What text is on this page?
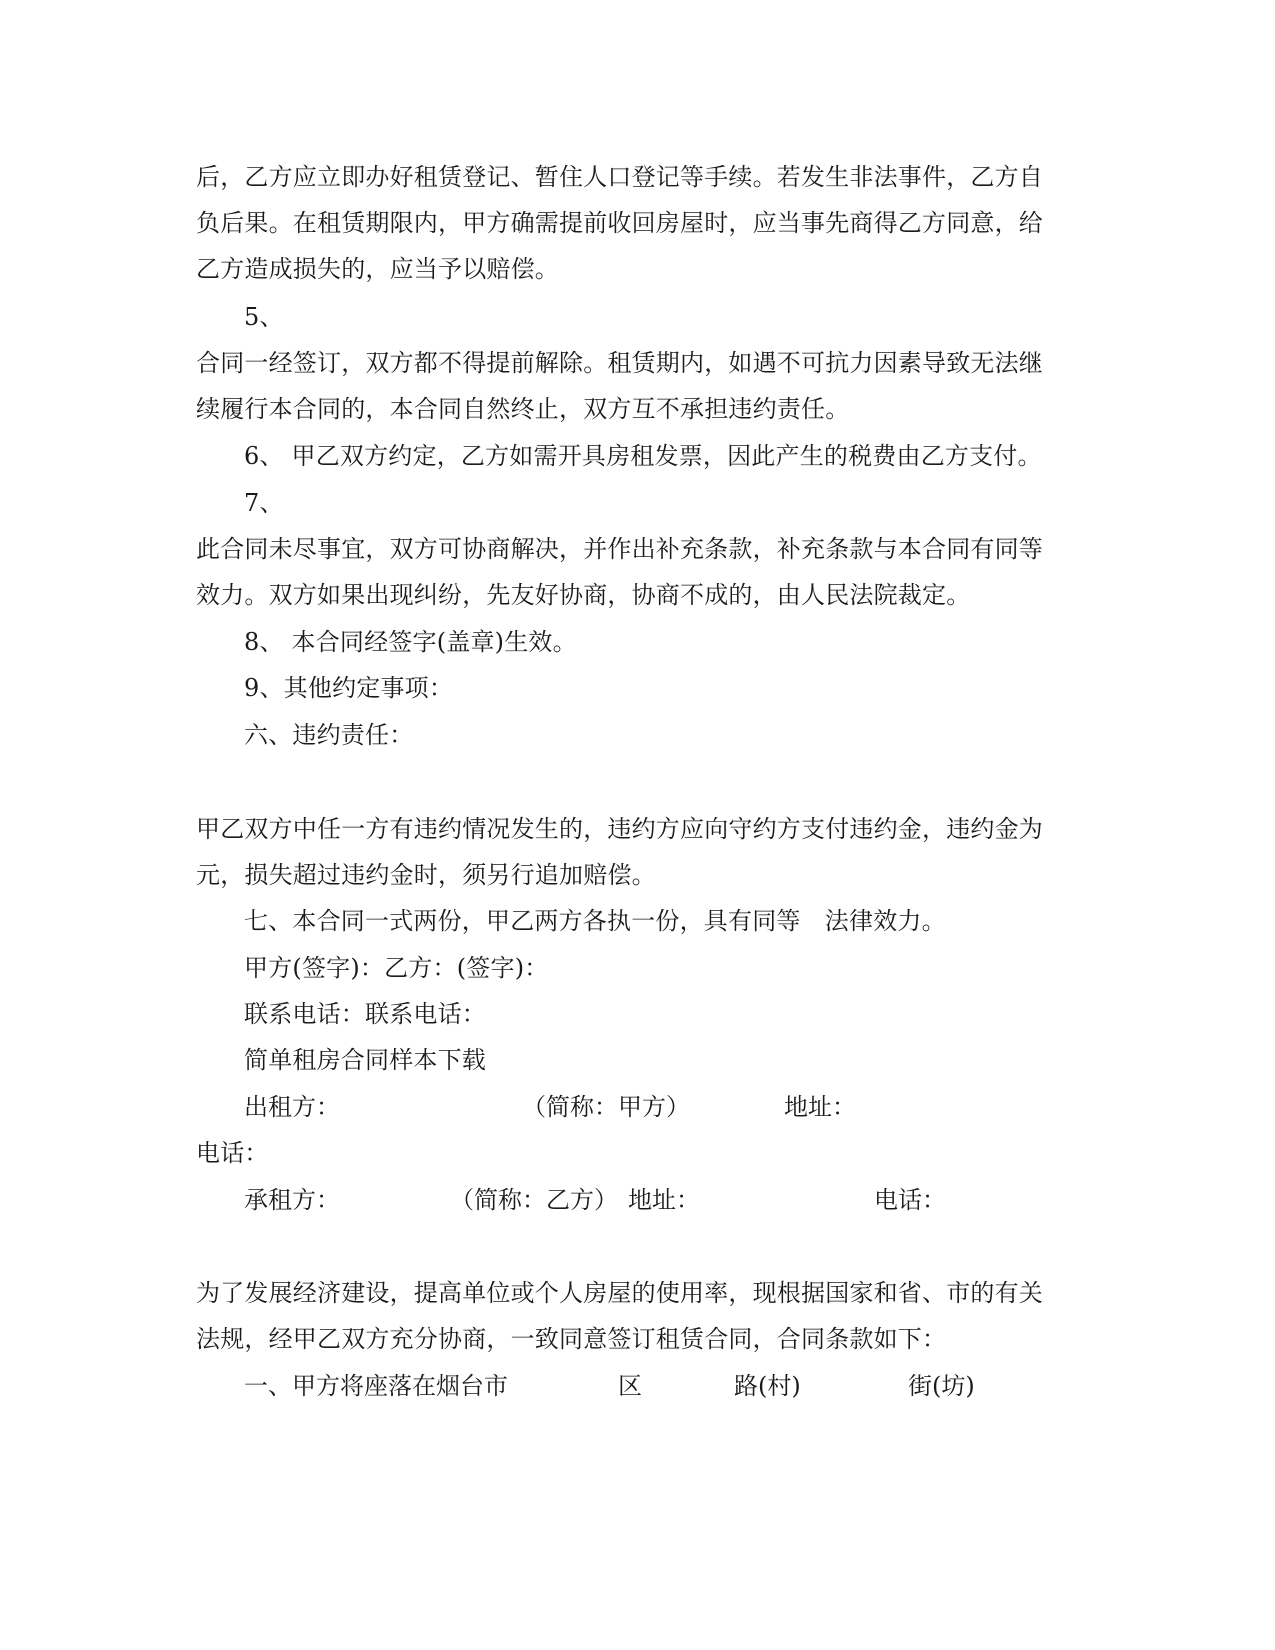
后，乙方应立即办好租赁登记、暂住人口登记等手续。若发生非法事件，乙方自
负后果。在租赁期限内，甲方确需提前收回房屋时，应当事先商得乙方同意，给
乙方造成损失的，应当予以赔偿。
5、
合同一经签订，双方都不得提前解除。租赁期内，如遇不可抗力因素导致无法继
续履行本合同的，本合同自然终止，双方互不承担违约责任。
6、 甲乙双方约定，乙方如需开具房租发票，因此产生的税费由乙方支付。
7、
此合同未尽事宜，双方可协商解决，并作出补充条款，补充条款与本合同有同等
效力。双方如果出现纠纷，先友好协商，协商不成的，由人民法院裁定。
8、 本合同经签字(盖章)生效。
9、其他约定事项：
六、违约责任：
甲乙双方中任一方有违约情况发生的，违约方应向守约方支付违约金，违约金为
元，损失超过违约金时，须另行追加赔偿。
七、本合同一式两份，甲乙两方各执一份，具有同等　法律效力。
甲方(签字)：乙方：(签字)：
联系电话：联系电话：
简单租房合同样本下载
出租方：	（简称：甲方）	地址：
电话：
承租方：	（简称：乙方） 地址：	电话：
为了发展经济建设，提高单位或个人房屋的使用率，现根据国家和省、市的有关
法规，经甲乙双方充分协商，一致同意签订租赁合同，合同条款如下：
一、甲方将座落在烟台市	区	路(村)	街(坊)
